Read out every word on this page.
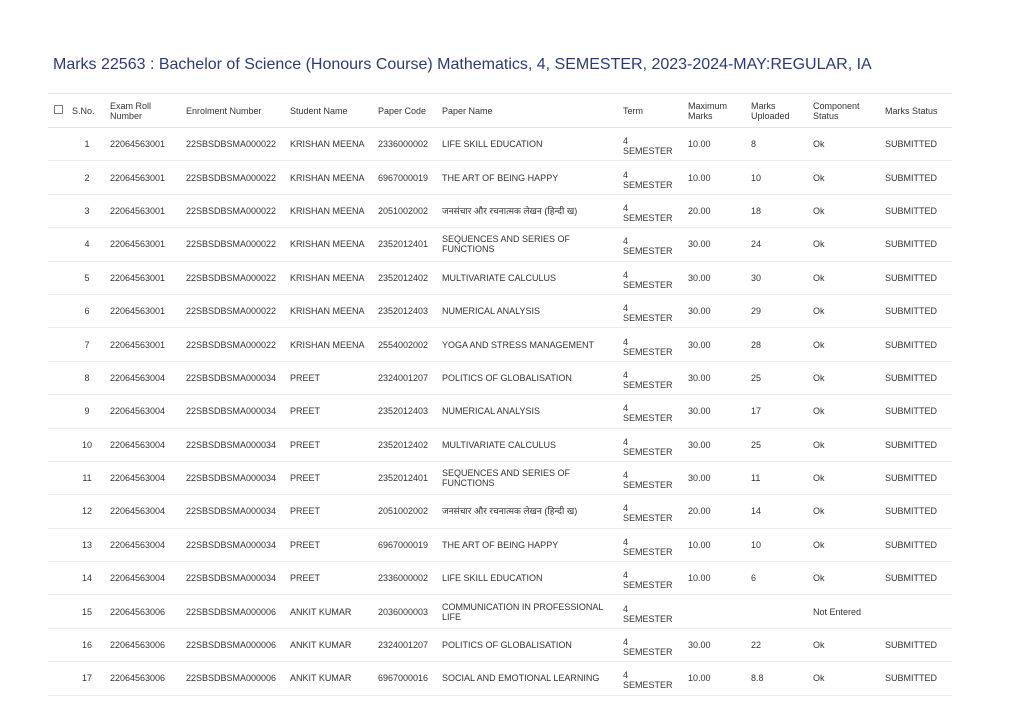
Marks 22563 : Bachelor of Science (Honours Course) Mathematics, 4, SEMESTER, 2023-2024-MAY:REGULAR, IA
	S.No.	Exam Roll Number	Enrolment Number	Student Name	Paper Code	Paper Name	Term	Maximum Marks	Marks Uploaded	Component Status	Marks Status
	1	22064563001	22SBSDBSMA000022	KRISHAN MEENA	2336000002	LIFE SKILL EDUCATION	4
SEMESTER	10.00	8	Ok	SUBMITTED
	2	22064563001	22SBSDBSMA000022	KRISHAN MEENA	6967000019	THE ART OF BEING HAPPY	4
SEMESTER	10.00	10	Ok	SUBMITTED
	3	22064563001	22SBSDBSMA000022	KRISHAN MEENA	2051002002	जनसंचार और रचनात्मक लेखन (हिन्दी ख)	4
SEMESTER	20.00	18	Ok	SUBMITTED
	4	22064563001	22SBSDBSMA000022	KRISHAN MEENA	2352012401	SEQUENCES AND SERIES OF FUNCTIONS	4
SEMESTER	30.00	24	Ok	SUBMITTED
	5	22064563001	22SBSDBSMA000022	KRISHAN MEENA	2352012402	MULTIVARIATE CALCULUS	4
SEMESTER	30.00	30	Ok	SUBMITTED
	6	22064563001	22SBSDBSMA000022	KRISHAN MEENA	2352012403	NUMERICAL ANALYSIS	4
SEMESTER	30.00	29	Ok	SUBMITTED
	7	22064563001	22SBSDBSMA000022	KRISHAN MEENA	2554002002	YOGA AND STRESS MANAGEMENT	4
SEMESTER	30.00	28	Ok	SUBMITTED
	8	22064563004	22SBSDBSMA000034	PREET	2324001207	POLITICS OF GLOBALISATION	4
SEMESTER	30.00	25	Ok	SUBMITTED
	9	22064563004	22SBSDBSMA000034	PREET	2352012403	NUMERICAL ANALYSIS	4
SEMESTER	30.00	17	Ok	SUBMITTED
	10	22064563004	22SBSDBSMA000034	PREET	2352012402	MULTIVARIATE CALCULUS	4
SEMESTER	30.00	25	Ok	SUBMITTED
	11	22064563004	22SBSDBSMA000034	PREET	2352012401	SEQUENCES AND SERIES OF FUNCTIONS	4
SEMESTER	30.00	11	Ok	SUBMITTED
	12	22064563004	22SBSDBSMA000034	PREET	2051002002	जनसंचार और रचनात्मक लेखन (हिन्दी ख)	4
SEMESTER	20.00	14	Ok	SUBMITTED
	13	22064563004	22SBSDBSMA000034	PREET	6967000019	THE ART OF BEING HAPPY	4
SEMESTER	10.00	10	Ok	SUBMITTED
	14	22064563004	22SBSDBSMA000034	PREET	2336000002	LIFE SKILL EDUCATION	4
SEMESTER	10.00	6	Ok	SUBMITTED
	15	22064563006	22SBSDBSMA000006	ANKIT KUMAR	2036000003	COMMUNICATION IN PROFESSIONAL LIFE	4
SEMESTER			Not Entered	
	16	22064563006	22SBSDBSMA000006	ANKIT KUMAR	2324001207	POLITICS OF GLOBALISATION	4
SEMESTER	30.00	22	Ok	SUBMITTED
	17	22064563006	22SBSDBSMA000006	ANKIT KUMAR	6967000016	SOCIAL AND EMOTIONAL LEARNING	4
SEMESTER	10.00	8.8	Ok	SUBMITTED
